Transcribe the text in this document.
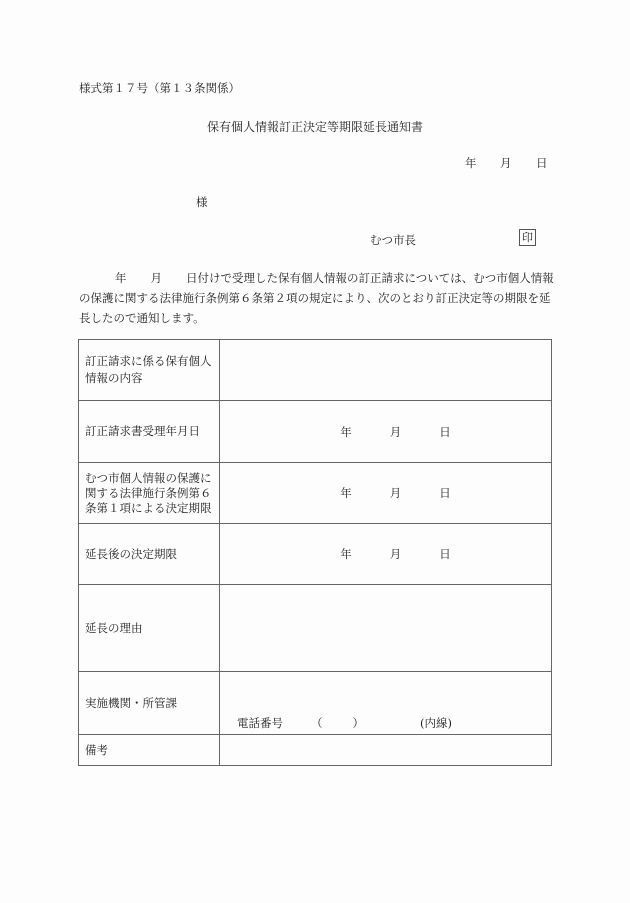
様式第１７号（第１３条関係）
保有個人情報訂正決定等期限延長通知書
年 月 日
様
むつ市長	印
年 月 日付けで受理した保有個人情報の訂正請求については、むつ市個人情報の保護に関する法律施行条例第６条第２項の規定により、次のとおり訂正決定等の期限を延長したので通知します。
訂正請求に係る保有個人情報の内容	
訂正請求書受理年月日	年 月 日

むつ市個人情報の保護に関する法律施行条例第６条第１項による決定期限	年 月 日

延長後の決定期限	年 月 日

延長の理由	
実施機関・所管課	電話番号 （ ） (内線)

備考	
